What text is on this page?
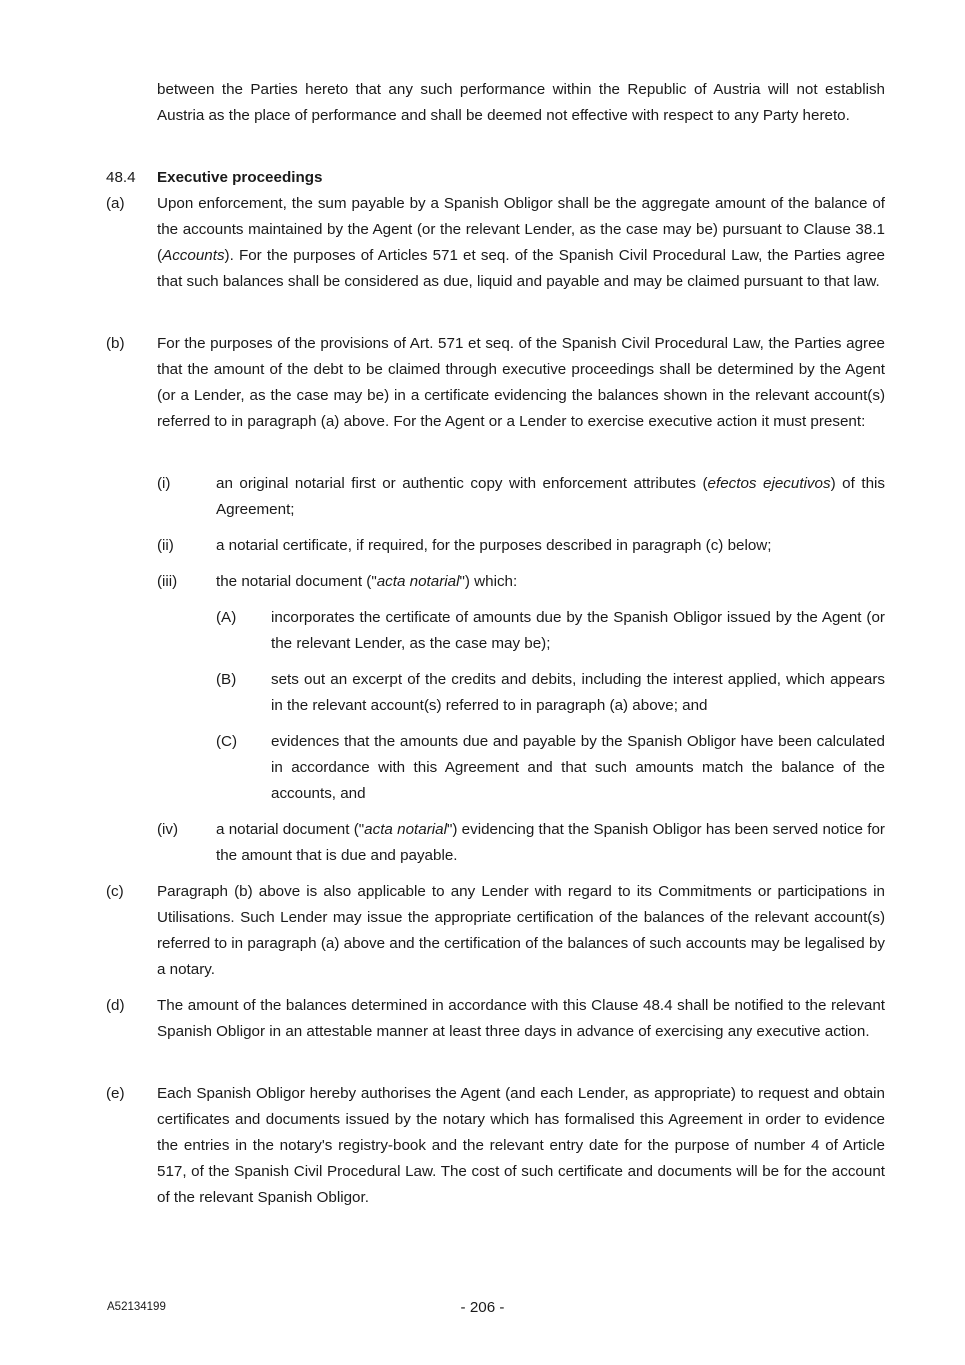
between the Parties hereto that any such performance within the Republic of Austria will not establish Austria as the place of performance and shall be deemed not effective with respect to any Party hereto.

48.4 Executive proceedings

(a) Upon enforcement, the sum payable by a Spanish Obligor shall be the aggregate amount of the balance of the accounts maintained by the Agent (or the relevant Lender, as the case may be) pursuant to Clause 38.1 (Accounts). For the purposes of Articles 571 et seq. of the Spanish Civil Procedural Law, the Parties agree that such balances shall be considered as due, liquid and payable and may be claimed pursuant to that law.

(b) For the purposes of the provisions of Art. 571 et seq. of the Spanish Civil Procedural Law, the Parties agree that the amount of the debt to be claimed through executive proceedings shall be determined by the Agent (or a Lender, as the case may be) in a certificate evidencing the balances shown in the relevant account(s) referred to in paragraph (a) above. For the Agent or a Lender to exercise executive action it must present:

(i)	an original notarial first or authentic copy with enforcement attributes (efectos ejecutivos) of this Agreement;

(ii)	a notarial certificate, if required, for the purposes described in paragraph (c) below;

(iii)	the notarial document ("acta notarial") which:

(A) incorporates the certificate of amounts due by the Spanish Obligor issued by the Agent (or the relevant Lender, as the case may be);

(B) sets out an excerpt of the credits and debits, including the interest applied, which appears in the relevant account(s) referred to in paragraph (a) above; and

(C) evidences that the amounts due and payable by the Spanish Obligor have been calculated in accordance with this Agreement and that such amounts match the balance of the accounts, and

(iv) a notarial document ("acta notarial") evidencing that the Spanish Obligor has been served notice for the amount that is due and payable.

(c) Paragraph (b) above is also applicable to any Lender with regard to its Commitments or participations in Utilisations. Such Lender may issue the appropriate certification of the balances of the relevant account(s) referred to in paragraph (a) above and the certification of the balances of such accounts may be legalised by a notary.

(d) The amount of the balances determined in accordance with this Clause 48.4 shall be notified to the relevant Spanish Obligor in an attestable manner at least three days in advance of exercising any executive action.

(e) Each Spanish Obligor hereby authorises the Agent (and each Lender, as appropriate) to request and obtain certificates and documents issued by the notary which has formalised this Agreement in order to evidence the entries in the notary's registry-book and the relevant entry date for the purpose of number 4 of Article 517, of the Spanish Civil Procedural Law. The cost of such certificate and documents will be for the account of the relevant Spanish Obligor.

A52134199	- 206 -
